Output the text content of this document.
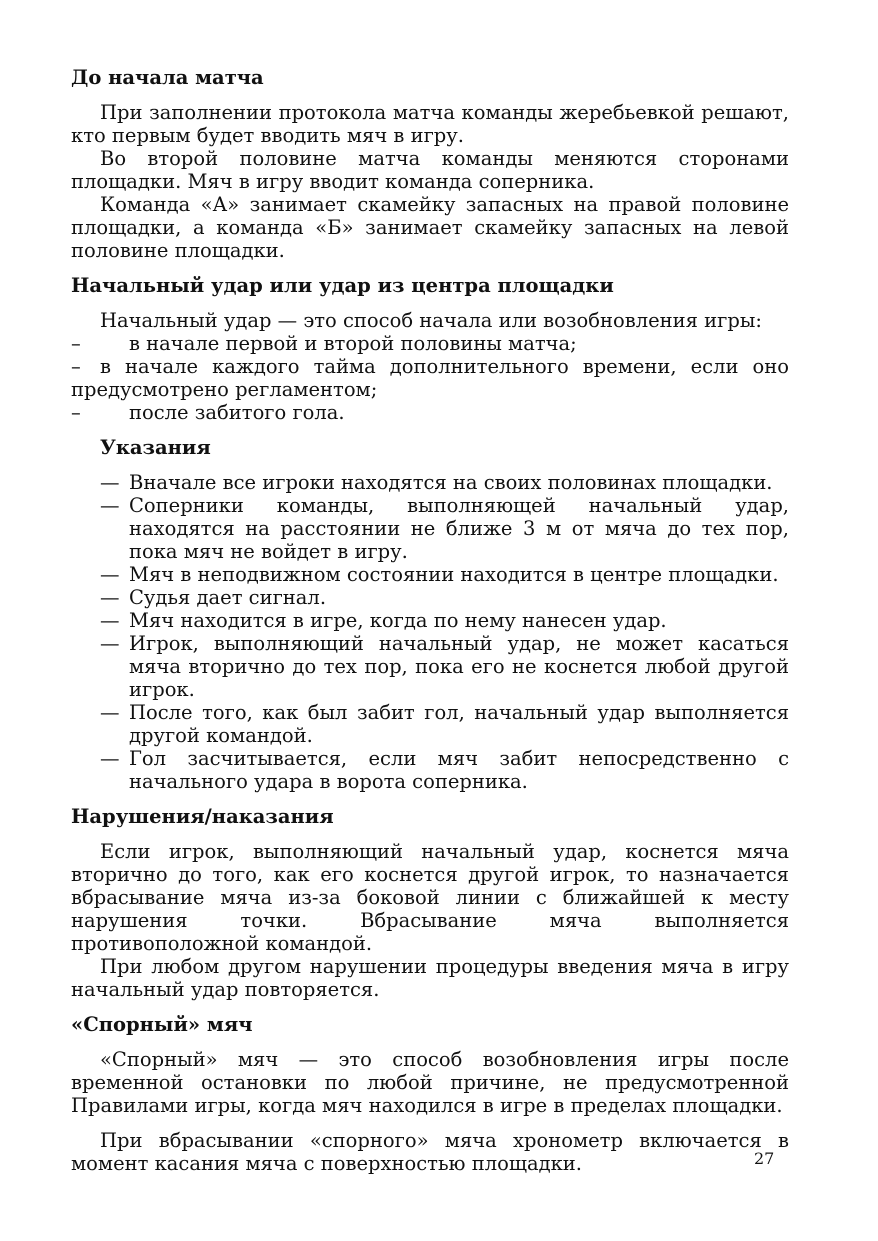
До начала матча

При заполнении протокола матча команды жеребьевкой решают, кто первым будет вводить мяч в игру.

Во второй половине матча команды меняются сторонами площадки. Мяч в игру вводит команда соперника.

Команда «А» занимает скамейку запасных на правой половине площадки, а команда «Б» занимает скамейку запасных на левой половине площадки.

Начальный удар или удар из центра площадки

Начальный удар — это способ начала или возобновления игры:

–	в начале первой и второй половины матча;
– в начале каждого тайма дополнительного времени, если оно предусмотрено регламентом;
–	после забитого гола.
Указания
— Вначале все игроки находятся на своих половинах площадки.
— Соперники команды, выполняющей начальный удар, находятся на расстоянии не ближе 3 м от мяча до тех пор, пока мяч не войдет в игру.
— Мяч в неподвижном состоянии находится в центре площадки.
— Судья дает сигнал.
— Мяч находится в игре, когда по нему нанесен удар.
— Игрок, выполняющий начальный удар, не может касаться мяча вторично до тех пор, пока его не коснется любой другой игрок.
— После того, как был забит гол, начальный удар выполняется другой командой.
— Гол засчитывается, если мяч забит непосредственно с начального удара в ворота соперника.
Нарушения/наказания

Если игрок, выполняющий начальный удар, коснется мяча вторично до того, как его коснется другой игрок, то назначается вбрасывание мяча из-за боковой линии с ближайшей к месту нарушения точки. Вбрасывание мяча выполняется противоположной командой.

При любом другом нарушении процедуры введения мяча в игру начальный удар повторяется.

«Спорный» мяч

«Спорный» мяч — это способ возобновления игры после временной остановки по любой причине, не предусмотренной Правилами игры, когда мяч находился в игре в пределах площадки.

При вбрасывании «спорного» мяча хронометр включается в момент касания мяча с поверхностью площадки.	27
